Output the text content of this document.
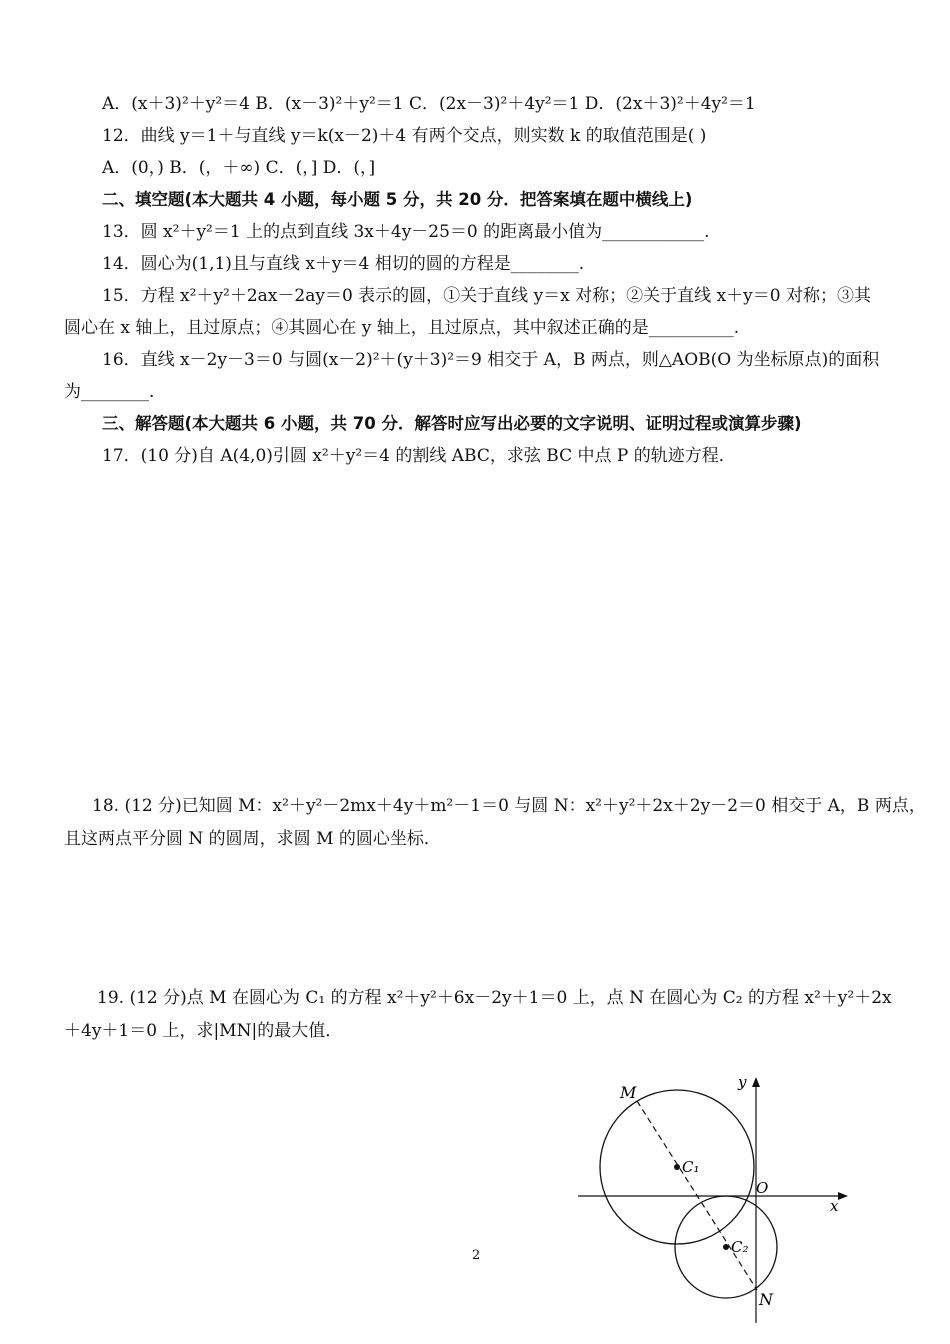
A．(x＋3)²＋y²＝4 B．(x－3)²＋y²＝1 C．(2x－3)²＋4y²＝1 D．(2x＋3)²＋4y²＝1
12．曲线 y＝1＋与直线 y＝k(x－2)＋4 有两个交点，则实数 k 的取值范围是( )
A．(0，) B．(，＋∞) C．(，] D．(，]
二、填空题(本大题共 4 小题，每小题 5 分，共 20 分．把答案填在题中横线上)
13．圆 x²＋y²＝1 上的点到直线 3x＋4y－25＝0 的距离最小值为____________.
14．圆心为(1,1)且与直线 x＋y＝4 相切的圆的方程是________.
15．方程 x²＋y²＋2ax－2ay＝0 表示的圆，①关于直线 y＝x 对称；②关于直线 x＋y＝0 对称；③其
圆心在 x 轴上，且过原点；④其圆心在 y 轴上，且过原点，其中叙述正确的是__________.
16．直线 x－2y－3＝0 与圆(x－2)²＋(y＋3)²＝9 相交于 A，B 两点，则△AOB(O 为坐标原点)的面积
为________.
三、解答题(本大题共 6 小题，共 70 分．解答时应写出必要的文字说明、证明过程或演算步骤)
17．(10 分)自 A(4,0)引圆 x²＋y²＝4 的割线 ABC，求弦 BC 中点 P 的轨迹方程．
18. (12 分)已知圆 M：x²＋y²－2mx＋4y＋m²－1＝0 与圆 N：x²＋y²＋2x＋2y－2＝0 相交于 A，B 两点，
且这两点平分圆 N 的圆周，求圆 M 的圆心坐标．
19. (12 分)点 M 在圆心为 C₁ 的方程 x²＋y²＋6x－2y＋1＝0 上，点 N 在圆心为 C₂ 的方程 x²＋y²＋2x
＋4y＋1＝0 上，求|MN|的最大值．
M
C₁
C₂
O
x
y
N
2
